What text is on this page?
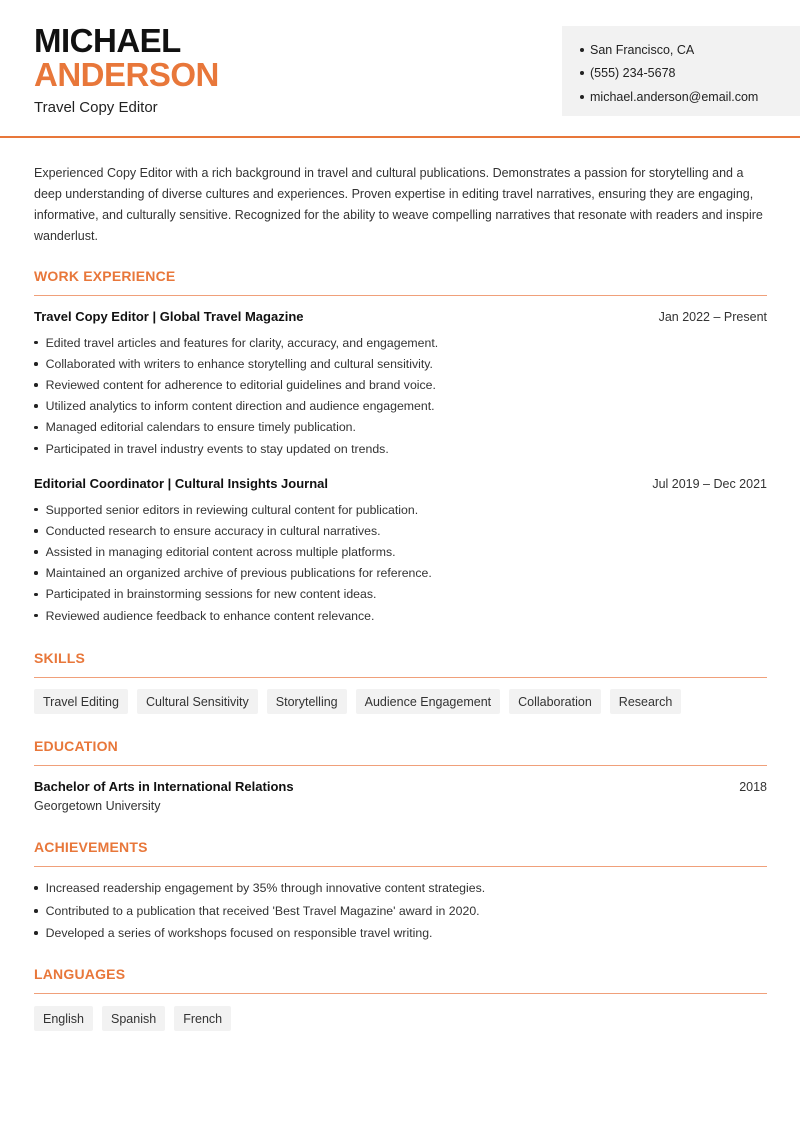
MICHAEL
ANDERSON
Travel Copy Editor
San Francisco, CA
(555) 234-5678
michael.anderson@email.com

Experienced Copy Editor with a rich background in travel and cultural publications. Demonstrates a passion for storytelling and a deep understanding of diverse cultures and experiences. Proven expertise in editing travel narratives, ensuring they are engaging, informative, and culturally sensitive. Recognized for the ability to weave compelling narratives that resonate with readers and inspire wanderlust.

WORK EXPERIENCE
Travel Copy Editor | Global Travel Magazine	Jan 2022 – Present
Edited travel articles and features for clarity, accuracy, and engagement.
Collaborated with writers to enhance storytelling and cultural sensitivity.
Reviewed content for adherence to editorial guidelines and brand voice.
Utilized analytics to inform content direction and audience engagement.
Managed editorial calendars to ensure timely publication.
Participated in travel industry events to stay updated on trends.
Editorial Coordinator | Cultural Insights Journal	Jul 2019 – Dec 2021
Supported senior editors in reviewing cultural content for publication.
Conducted research to ensure accuracy in cultural narratives.
Assisted in managing editorial content across multiple platforms.
Maintained an organized archive of previous publications for reference.
Participated in brainstorming sessions for new content ideas.
Reviewed audience feedback to enhance content relevance.
SKILLS
Travel Editing	Cultural Sensitivity	Storytelling	Audience Engagement	Collaboration	Research
EDUCATION
Bachelor of Arts in International Relations	2018
Georgetown University
ACHIEVEMENTS
Increased readership engagement by 35% through innovative content strategies.
Contributed to a publication that received 'Best Travel Magazine' award in 2020.
Developed a series of workshops focused on responsible travel writing.
LANGUAGES
English	Spanish	French
